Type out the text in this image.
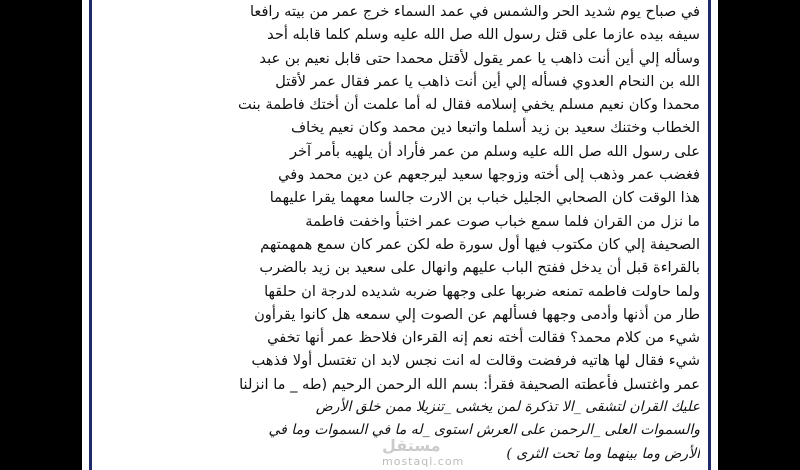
في صباح يوم شديد الحر والشمس في عمد السماء خرج عمر من بيته رافعا
سيفه بيده عازما على قتل رسول الله صل الله عليه وسلم كلما قابله أحد
وسأله إلي أين أنت ذاهب يا عمر يقول لأقتل محمدا حتى قابل نعيم بن عبد
الله بن النحام العدوي فسأله إلي أين أنت ذاهب يا عمر فقال عمر لأقتل
محمدا وكان نعيم مسلم يخفي إسلامه فقال له أما علمت أن أختك فاطمة بنت
الخطاب وختنك سعيد بن زيد أسلما واتبعا دين محمد وكان نعيم يخاف
على رسول الله صل الله عليه وسلم من عمر فأراد أن يلهيه بأمر آخر
فغضب عمر وذهب إلى أخته وزوجها سعيد ليرجعهم عن دين محمد وفي
هذا الوقت كان الصحابي الجليل خباب بن الارت جالسا معهما يقرا عليهما
ما نزل من القران فلما سمع خباب صوت عمر اختبأ واخفت فاطمة
الصحيفة إلي كان مكتوب فيها أول سورة طه لكن عمر كان سمع همهمتهم
بالقراءة قبل أن يدخل ففتح الباب عليهم وانهال على سعيد بن زيد بالضرب
ولما حاولت فاطمه تمنعه ضربها على وجهها ضربه شديده لدرجة ان حلقها
طار من أذنها وأدمى وجهها فسألهم عن الصوت إلي سمعه هل كانوا يقرأون
شيء من كلام محمد؟ فقالت أخته نعم إنه القرءان فلاحظ عمر أنها تخفي
شيء فقال لها هاتيه فرفضت وقالت له انت نجس لابد ان تغتسل أولا فذهب
عمر واغتسل فأعطته الصحيفة فقرأ: بسم الله الرحمن الرحيم (طه _ ما انزلنا
عليك القران لتشقى _الا تذكرة لمن يخشى _تنزيلا ممن خلق الأرض
والسموات العلى _الرحمن على العرش استوى _له ما في السموات وما في
الأرض وما بينهما وما تحت الثرى )
مستقل
mostaql.com
